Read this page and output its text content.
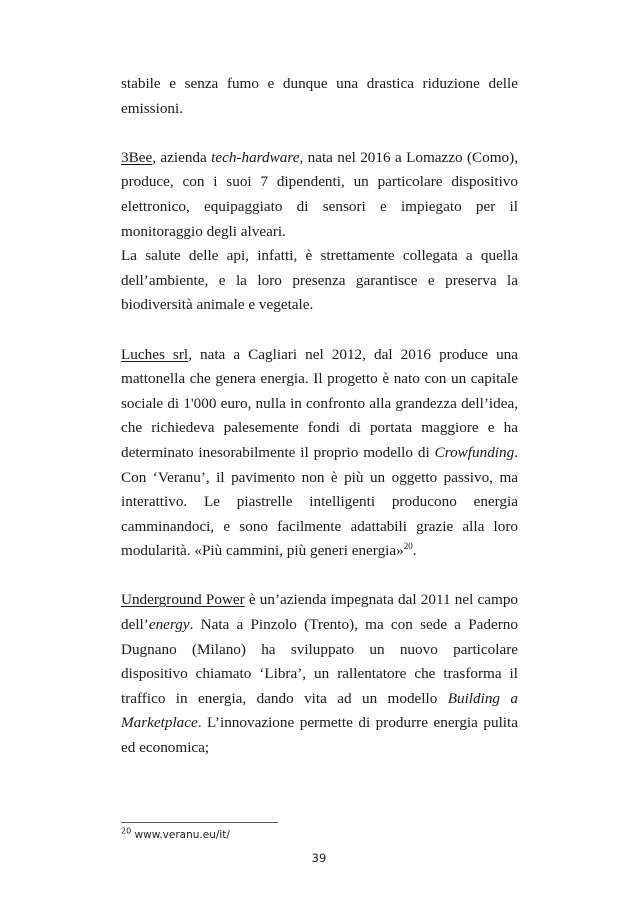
stabile e senza fumo e dunque una drastica riduzione delle emissioni.

3Bee, azienda tech-hardware, nata nel 2016 a Lomazzo (Como), produce, con i suoi 7 dipendenti, un particolare dispositivo elettronico, equipaggiato di sensori e impiegato per il monitoraggio degli alveari.

La salute delle api, infatti, è strettamente collegata a quella dell’ambiente, e la loro presenza garantisce e preserva la biodiversità animale e vegetale.

Luches srl, nata a Cagliari nel 2012, dal 2016 produce una mattonella che genera energia. Il progetto è nato con un capitale sociale di 1'000 euro, nulla in confronto alla grandezza dell’idea, che richiedeva palesemente fondi di portata maggiore e ha determinato inesorabilmente il proprio modello di Crowfunding. Con ‘Veranu’, il pavimento non è più un oggetto passivo, ma interattivo. Le piastrelle intelligenti producono energia camminandoci, e sono facilmente adattabili grazie alla loro modularità. «Più cammini, più generi energia»$^{20}$.

Underground Power è un’azienda impegnata dal 2011 nel campo dell’energy. Nata a Pinzolo (Trento), ma con sede a Paderno Dugnano (Milano) ha sviluppato un nuovo particolare dispositivo chiamato ‘Libra’, un rallentatore che trasforma il traffico in energia, dando vita ad un modello Building a Marketplace. L’innovazione permette di produrre energia pulita ed economica;

$^{20}$ www.veranu.eu/it/
39
